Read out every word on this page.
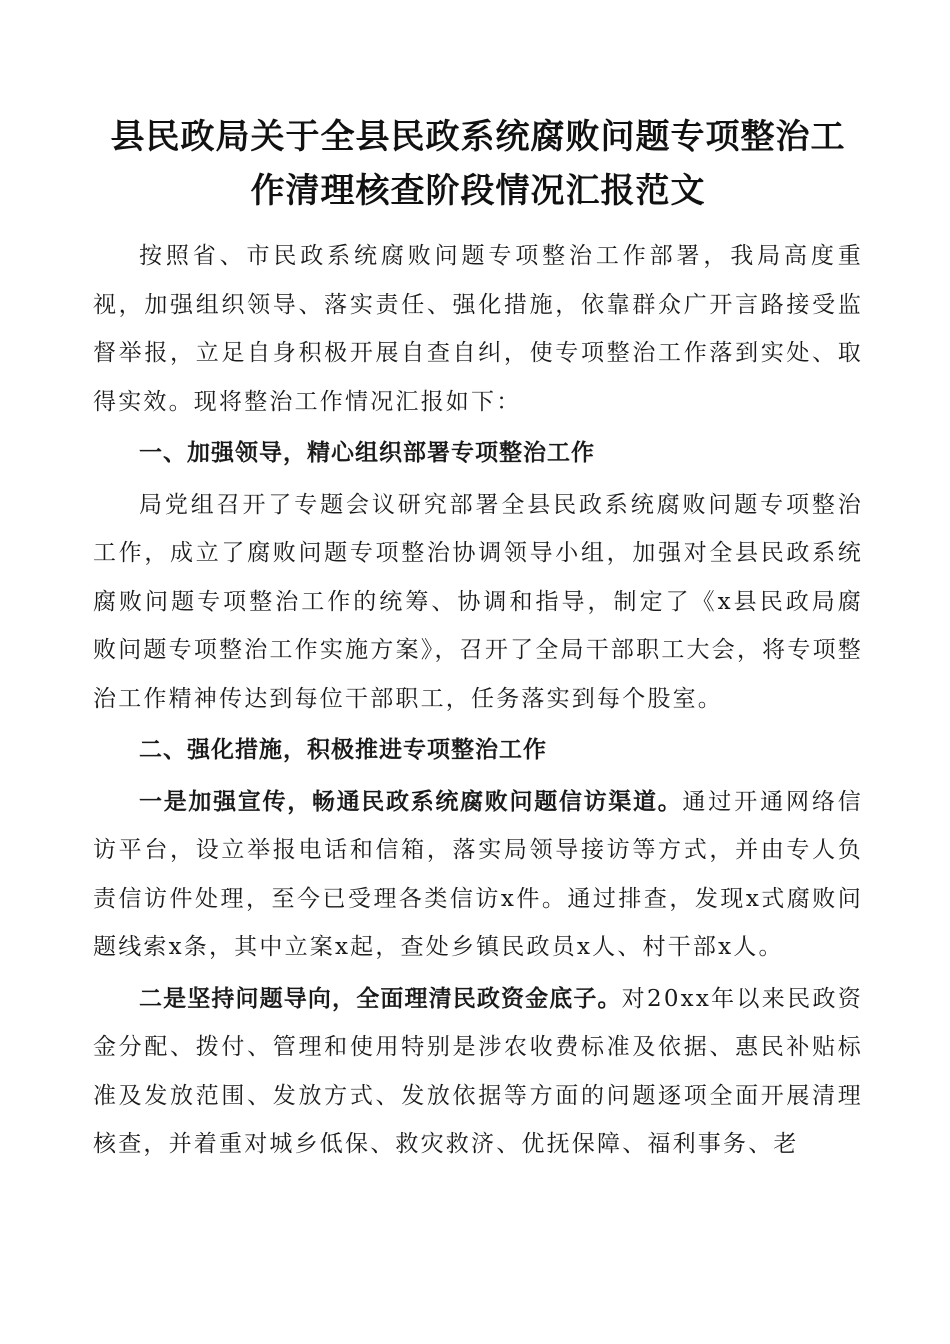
县民政局关于全县民政系统腐败问题专项整治工
作清理核查阶段情况汇报范文

按照省、市民政系统腐败问题专项整治工作部署，我局高度重视，加强组织领导、落实责任、强化措施，依靠群众广开言路接受监督举报，立足自身积极开展自查自纠，使专项整治工作落到实处、取得实效。现将整治工作情况汇报如下：

一、加强领导，精心组织部署专项整治工作

局党组召开了专题会议研究部署全县民政系统腐败问题专项整治工作，成立了腐败问题专项整治协调领导小组，加强对全县民政系统腐败问题专项整治工作的统筹、协调和指导，制定了《x县民政局腐败问题专项整治工作实施方案》，召开了全局干部职工大会，将专项整治工作精神传达到每位干部职工，任务落实到每个股室。

二、强化措施，积极推进专项整治工作

一是加强宣传，畅通民政系统腐败问题信访渠道。通过开通网络信访平台，设立举报电话和信箱，落实局领导接访等方式，并由专人负责信访件处理，至今已受理各类信访x件。通过排查，发现x式腐败问题线索x条，其中立案x起，查处乡镇民政员x人、村干部x人。

二是坚持问题导向，全面理清民政资金底子。对20xx年以来民政资金分配、拨付、管理和使用特别是涉农收费标准及依据、惠民补贴标准及发放范围、发放方式、发放依据等方面的问题逐项全面开展清理核查，并着重对城乡低保、救灾救济、优抚保障、福利事务、老
